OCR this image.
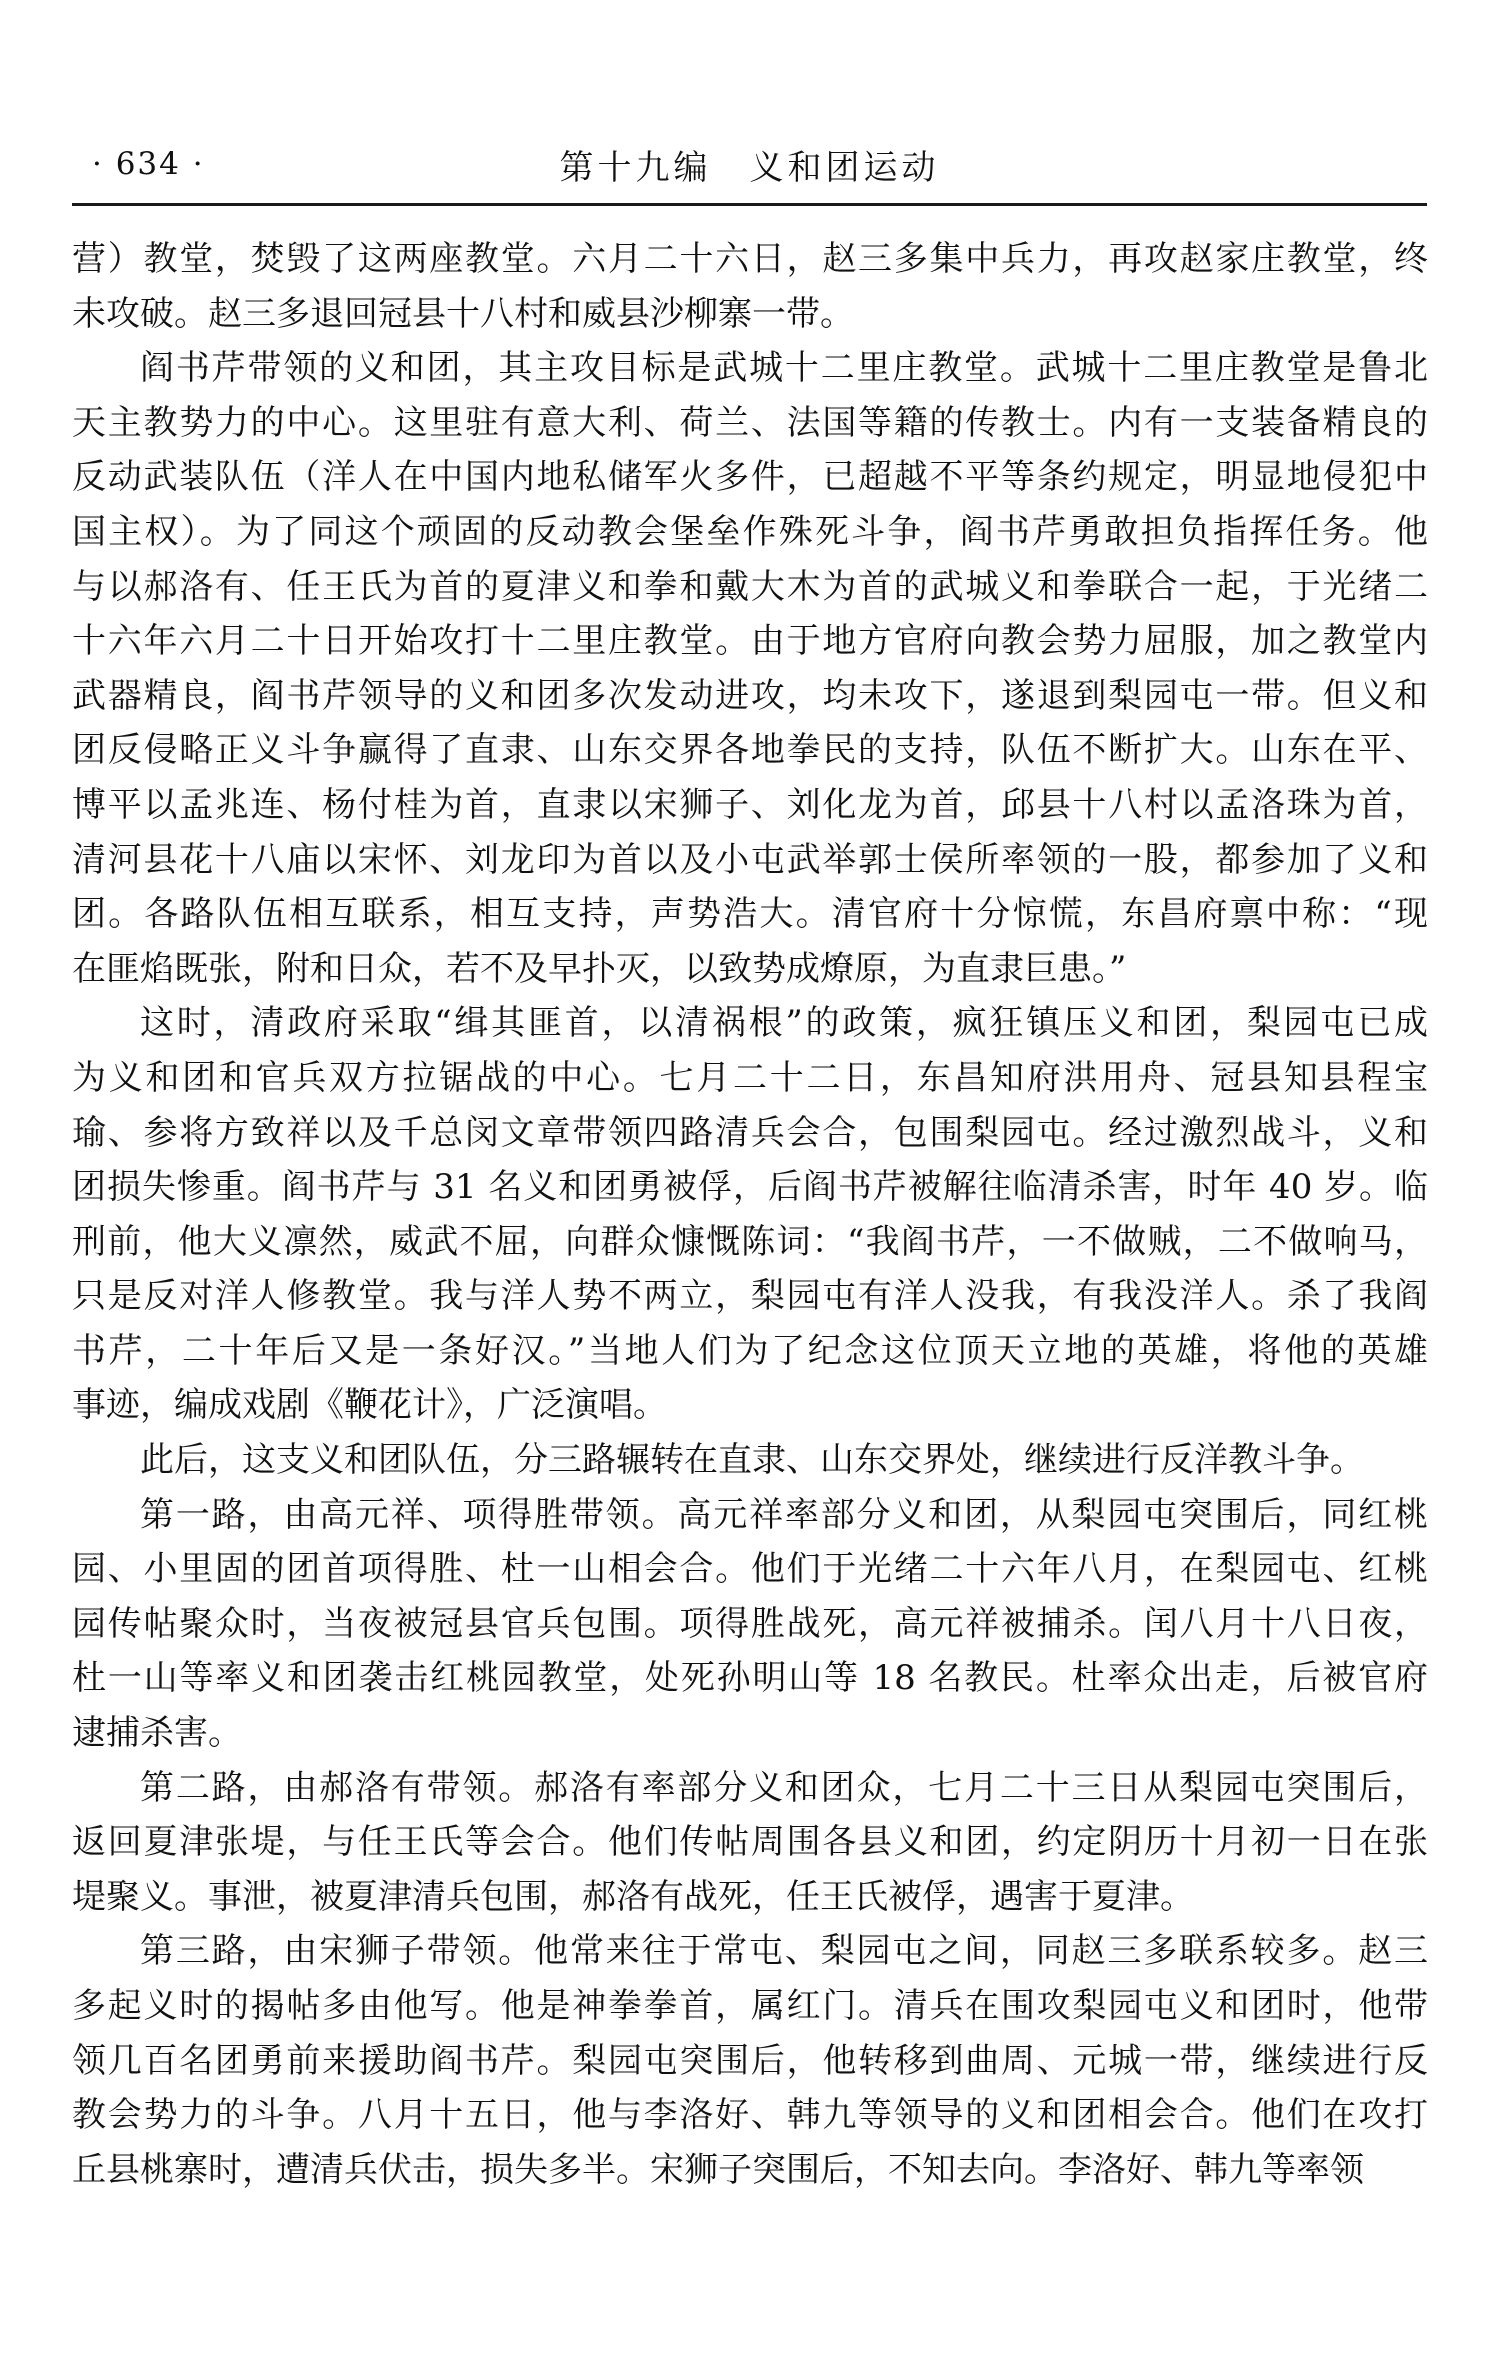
· 634 ·	第十九编　义和团运动
营）教堂，焚毁了这两座教堂。六月二十六日，赵三多集中兵力，再攻赵家庄教堂，终
未攻破。赵三多退回冠县十八村和威县沙柳寨一带。
阎书芹带领的义和团，其主攻目标是武城十二里庄教堂。武城十二里庄教堂是鲁北
天主教势力的中心。这里驻有意大利、荷兰、法国等籍的传教士。内有一支装备精良的
反动武装队伍（洋人在中国内地私储军火多件，已超越不平等条约规定，明显地侵犯中
国主权）。为了同这个顽固的反动教会堡垒作殊死斗争，阎书芹勇敢担负指挥任务。他
与以郝洛有、任王氏为首的夏津义和拳和戴大木为首的武城义和拳联合一起，于光绪二
十六年六月二十日开始攻打十二里庄教堂。由于地方官府向教会势力屈服，加之教堂内
武器精良，阎书芹领导的义和团多次发动进攻，均未攻下，遂退到梨园屯一带。但义和
团反侵略正义斗争赢得了直隶、山东交界各地拳民的支持，队伍不断扩大。山东在平、
博平以孟兆连、杨付桂为首，直隶以宋狮子、刘化龙为首，邱县十八村以孟洛珠为首，
清河县花十八庙以宋怀、刘龙印为首以及小屯武举郭士侯所率领的一股，都参加了义和
团。各路队伍相互联系，相互支持，声势浩大。清官府十分惊慌，东昌府禀中称：“现
在匪焰既张，附和日众，若不及早扑灭，以致势成燎原，为直隶巨患。”
这时，清政府采取“缉其匪首，以清祸根”的政策，疯狂镇压义和团，梨园屯已成
为义和团和官兵双方拉锯战的中心。七月二十二日，东昌知府洪用舟、冠县知县程宝
瑜、参将方致祥以及千总闵文章带领四路清兵会合，包围梨园屯。经过激烈战斗，义和
团损失惨重。阎书芹与 31 名义和团勇被俘，后阎书芹被解往临清杀害，时年 40 岁。临
刑前，他大义凛然，威武不屈，向群众慷慨陈词：“我阎书芹，一不做贼，二不做响马，
只是反对洋人修教堂。我与洋人势不两立，梨园屯有洋人没我，有我没洋人。杀了我阎
书芹，二十年后又是一条好汉。”当地人们为了纪念这位顶天立地的英雄，将他的英雄
事迹，编成戏剧《鞭花计》，广泛演唱。
此后，这支义和团队伍，分三路辗转在直隶、山东交界处，继续进行反洋教斗争。
第一路，由高元祥、项得胜带领。高元祥率部分义和团，从梨园屯突围后，同红桃
园、小里固的团首项得胜、杜一山相会合。他们于光绪二十六年八月，在梨园屯、红桃
园传帖聚众时，当夜被冠县官兵包围。项得胜战死，高元祥被捕杀。闰八月十八日夜，
杜一山等率义和团袭击红桃园教堂，处死孙明山等 18 名教民。杜率众出走，后被官府
逮捕杀害。
第二路，由郝洛有带领。郝洛有率部分义和团众，七月二十三日从梨园屯突围后，
返回夏津张堤，与任王氏等会合。他们传帖周围各县义和团，约定阴历十月初一日在张
堤聚义。事泄，被夏津清兵包围，郝洛有战死，任王氏被俘，遇害于夏津。
第三路，由宋狮子带领。他常来往于常屯、梨园屯之间，同赵三多联系较多。赵三
多起义时的揭帖多由他写。他是神拳拳首，属红门。清兵在围攻梨园屯义和团时，他带
领几百名团勇前来援助阎书芹。梨园屯突围后，他转移到曲周、元城一带，继续进行反
教会势力的斗争。八月十五日，他与李洛好、韩九等领导的义和团相会合。他们在攻打
丘县桃寨时，遭清兵伏击，损失多半。宋狮子突围后，不知去向。李洛好、韩九等率领
